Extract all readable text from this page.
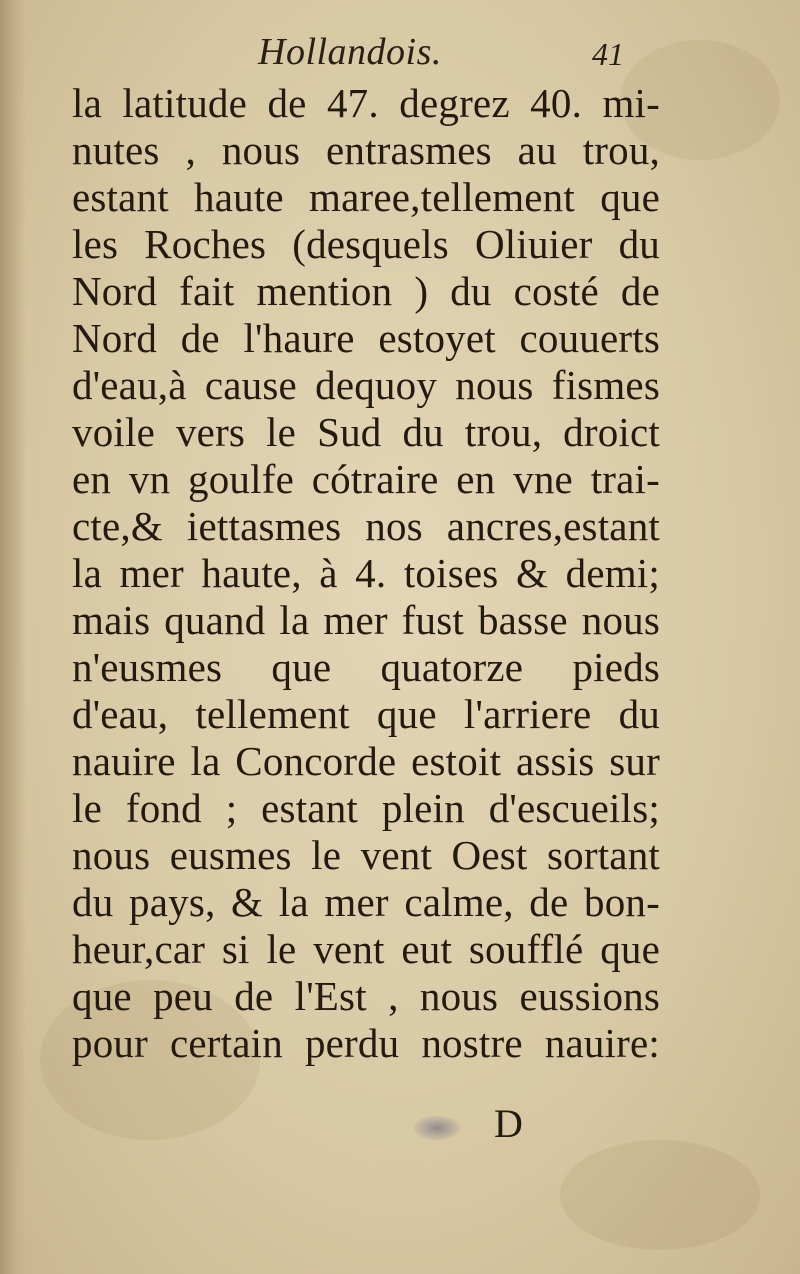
Hollandois.	41
la latitude de 47. degrez 40. mi-
nutes , nous entrasmes au trou,
estant haute maree,tellement que
les Roches (desquels Oliuier du
Nord fait mention ) du costé de
Nord de l'haure estoyet couuerts
d'eau,à cause dequoy nous fismes
voile vers le Sud du trou, droict
en vn goulfe cótraire en vne trai-
cte,& iettasmes nos ancres,estant
la mer haute, à 4. toises & demi;
mais quand la mer fust basse nous
n'eusmes que quatorze pieds
d'eau, tellement que l'arriere du
nauire la Concorde estoit assis sur
le fond ; estant plein d'escueils;
nous eusmes le vent Oest sortant
du pays, & la mer calme, de bon-
heur,car si le vent eut soufflé que
que peu de l'Est , nous eussions
pour certain perdu nostre nauire:
D
